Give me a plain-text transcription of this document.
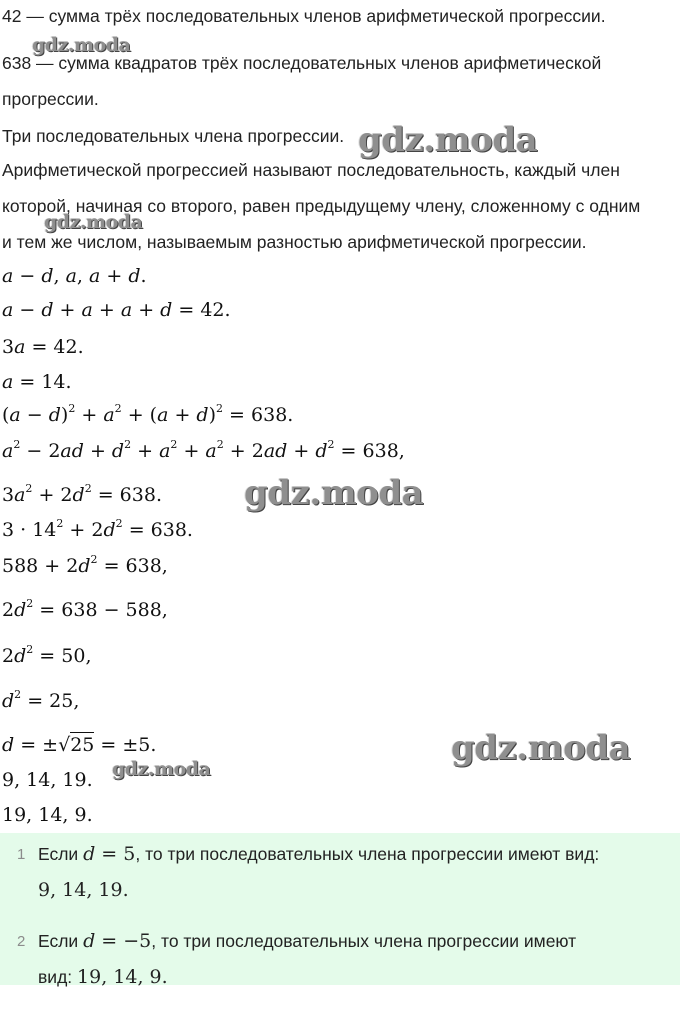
42 — сумма трёх последовательных членов арифметической прогрессии.
638 — сумма квадратов трёх последовательных членов арифметической
прогрессии.
Три последовательных члена прогрессии.
Арифметической прогрессией называют последовательность, каждый член
которой, начиная со второго, равен предыдущему члену, сложенному с одним
и тем же числом, называемым разностью арифметической прогрессии.
a − d, a, a + d.
a − d + a + a + d = 42.
3a = 42.
a = 14.
$(a - d)^2 + a^2 + (a + d)^2 = 638$.
$a^2 - 2ad + d^2 + a^2 + a^2 + 2ad + d^2 = 638$,
$3a^2 + 2d^2 = 638$.
$3 \cdot 14^2 + 2d^2 = 638$.
$588 + 2d^2 = 638$,
$2d^2 = 638 - 588$,
$2d^2 = 50$,
$d^2 = 25$,
d = ±√25 = ±5.
9, 14, 19.
19, 14, 9.
1 Если d = 5, то три последовательных члена прогрессии имеют вид:
9, 14, 19.
2 Если d = −5, то три последовательных члена прогрессии имеют
вид: 19, 14, 9.
gdz.moda
gdz.moda
gdz.moda
gdz.moda
gdz.moda
gdz.moda
